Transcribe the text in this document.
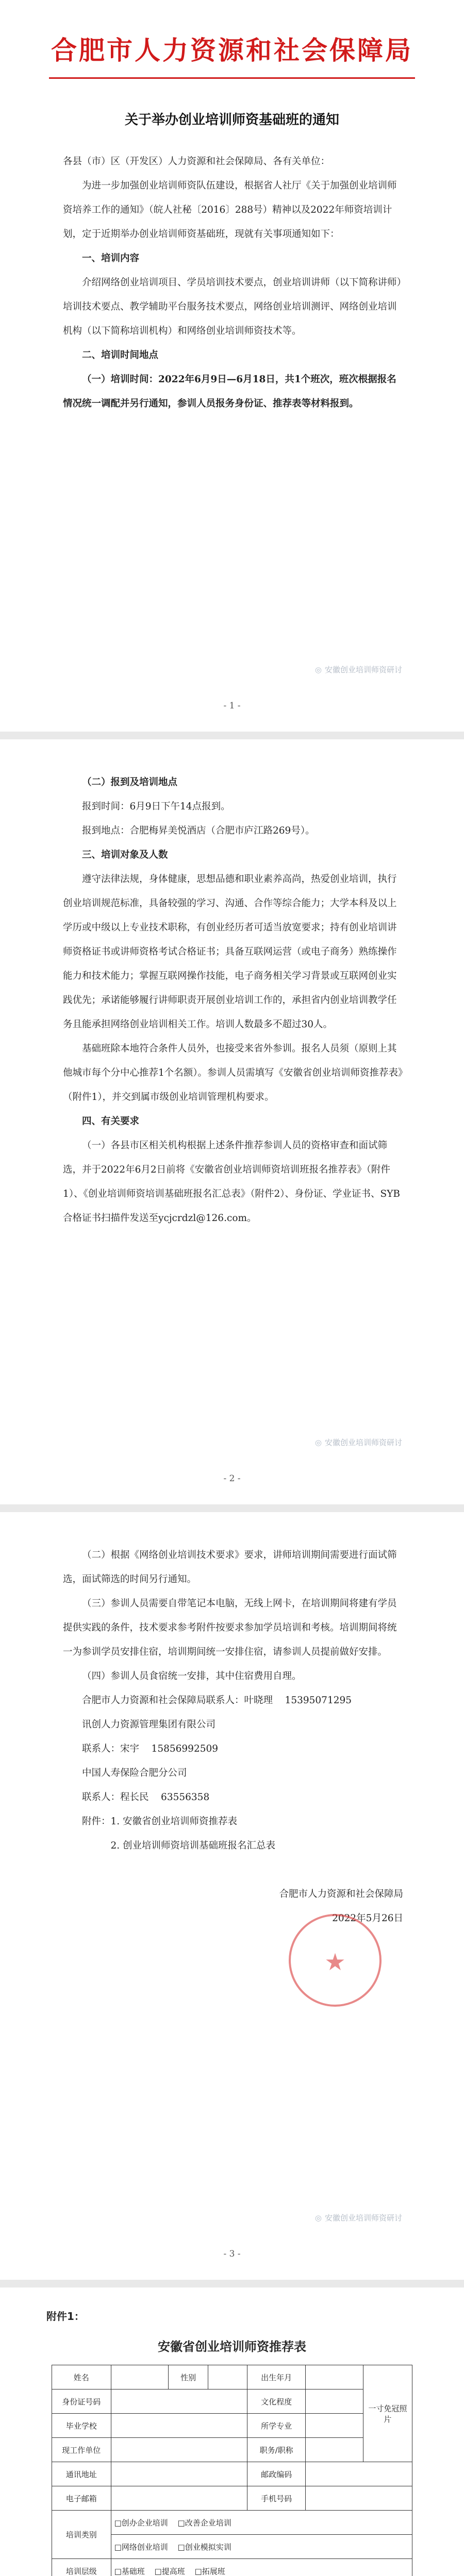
合肥市人力资源和社会保障局
关于举办创业培训师资基础班的通知

各县（市）区（开发区）人力资源和社会保障局、各有关单位：

为进一步加强创业培训师资队伍建设，根据省人社厅《关于加强创业培训师资培养工作的通知》（皖人社秘〔2016〕288号）精神以及2022年师资培训计划，定于近期举办创业培训师资基础班，现就有关事项通知如下：

一、培训内容

介绍网络创业培训项目、学员培训技术要点，创业培训讲师（以下简称讲师）培训技术要点、教学辅助平台服务技术要点，网络创业培训测评、网络创业培训机构（以下简称培训机构）和网络创业培训师资技术等。

二、培训时间地点

（一）培训时间：2022年6月9日—6月18日，共1个班次，班次根据报名情况统一调配并另行通知，参训人员报务身份证、推荐表等材料报到。

◎ 安徽创业培训师资研讨
- 1 -

（二）报到及培训地点

报到时间：6月9日下午14点报到。

报到地点：合肥梅昇美悦酒店（合肥市庐江路269号）。

三、培训对象及人数

遵守法律法规，身体健康，思想品德和职业素养高尚，热爱创业培训，执行创业培训规范标准，具备较强的学习、沟通、合作等综合能力；大学本科及以上学历或中级以上专业技术职称，有创业经历者可适当放宽要求；持有创业培训讲师资格证书或讲师资格考试合格证书；具备互联网运营（或电子商务）熟练操作能力和技术能力；掌握互联网操作技能，电子商务相关学习背景或互联网创业实践优先；承诺能够履行讲师职责开展创业培训工作的，承担省内创业培训教学任务且能承担网络创业培训相关工作。培训人数最多不超过30人。

基础班除本地符合条件人员外，也接受来省外参训。报名人员须（原则上其他城市每个分中心推荐1个名额）。参训人员需填写《安徽省创业培训师资推荐表》（附件1），并交到属市级创业培训管理机构要求。

四、有关要求

（一）各县市区相关机构根据上述条件推荐参训人员的资格审查和面试筛选，并于2022年6月2日前将《安徽省创业培训师资培训班报名推荐表》（附件1）、《创业培训师资培训基础班报名汇总表》（附件2）、身份证、学业证书、SYB合格证书扫描件发送至ycjcrdzl@126.com。

◎ 安徽创业培训师资研讨
- 2 -

（二）根据《网络创业培训技术要求》要求，讲师培训期间需要进行面试筛选，面试筛选的时间另行通知。

（三）参训人员需要自带笔记本电脑，无线上网卡，在培训期间将建有学员提供实践的条件，技术要求参考附件按要求参加学员培训和考核。培训期间将统一为参训学员安排住宿，培训期间统一安排住宿，请参训人员提前做好安排。

（四）参训人员食宿统一安排，其中住宿费用自理。

合肥市人力资源和社会保障局联系人：叶晓理 15395071295

讯创人力资源管理集团有限公司

联系人：宋宇 15856992509

中国人寿保险合肥分公司

联系人：程长民 63556358

附件：1. 安徽省创业培训师资推荐表

2. 创业培训师资培训基础班报名汇总表

合肥市人力资源和社会保障局

2022年5月26日

★
◎ 安徽创业培训师资研讨
- 3 -
附件1：
安徽省创业培训师资推荐表
姓名		性别		出生年月		一寸免冠照片
身份证号码				文化程度		
毕业学校				所学专业		
现工作单位				职务/职称		
通讯地址				邮政编码		
电子邮箱				手机号码		
培训类别	□创办企业培训 □改善企业培训					
	□网络创业培训 □创业模拟实训					
培训层级	□基础班 □提高班 □拓展班					
